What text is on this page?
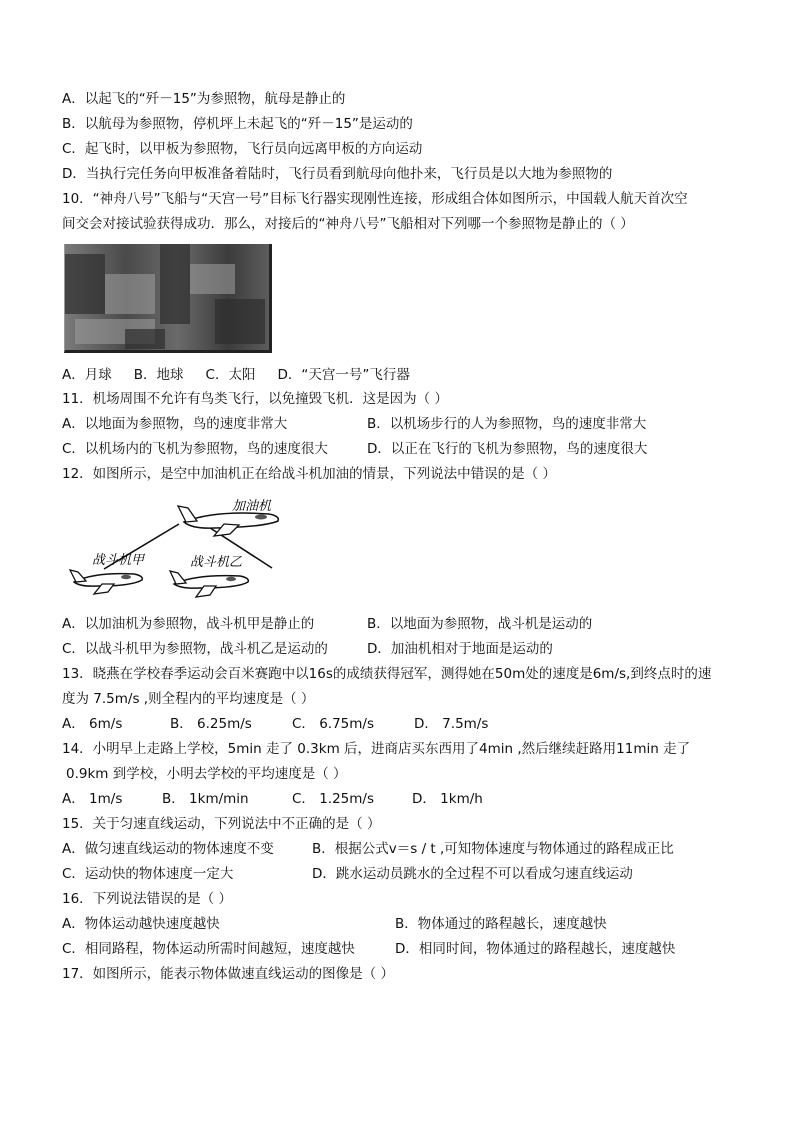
A．以起飞的“歼－15”为参照物，航母是静止的
B．以航母为参照物，停机坪上未起飞的“歼－15”是运动的
C．起飞时，以甲板为参照物，飞行员向远离甲板的方向运动
D．当执行完任务向甲板准备着陆时，飞行员看到航母向他扑来，飞行员是以大地为参照物的
10．“神舟八号”飞船与“天宫一号”目标飞行器实现刚性连接，形成组合体如图所示，中国载人航天首次空
间交会对接试验获得成功．那么，对接后的“神舟八号”飞船相对下列哪一个参照物是静止的（ ）
A．月球 B．地球 C．太阳 D．“天宫一号”飞行器
11．机场周围不允许有鸟类飞行，以免撞毁飞机．这是因为（ ）
A．以地面为参照物，鸟的速度非常大	B．以机场步行的人为参照物，鸟的速度非常大
C．以机场内的飞机为参照物，鸟的速度很大	D．以正在飞行的飞机为参照物，鸟的速度很大
12．如图所示，是空中加油机正在给战斗机加油的情景，下列说法中错误的是（ ）
加油机
战斗机甲	战斗机乙
A．以加油机为参照物，战斗机甲是静止的	B．以地面为参照物，战斗机是运动的
C．以战斗机甲为参照物，战斗机乙是运动的	D．加油机相对于地面是运动的
13．晓燕在学校春季运动会百米赛跑中以16s的成绩获得冠军，测得她在50m处的速度是6m/s,到终点时的速
度为 7.5m/s ,则全程内的平均速度是（ ）
A． 6m/s	B． 6.25m/s	C． 6.75m/s	D． 7.5m/s
14．小明早上走路上学校，5min 走了 0.3km 后，进商店买东西用了4min ,然后继续赶路用11min 走了
0.9km 到学校，小明去学校的平均速度是（ ）
A． 1m/s	B． 1km/min	C． 1.25m/s	D． 1km/h
15．关于匀速直线运动，下列说法中不正确的是（ ）
A．做匀速直线运动的物体速度不变	B．根据公式v＝s / t ,可知物体速度与物体通过的路程成正比
C．运动快的物体速度一定大	D．跳水运动员跳水的全过程不可以看成匀速直线运动
16．下列说法错误的是（ ）
A．物体运动越快速度越快	B．物体通过的路程越长，速度越快
C．相同路程，物体运动所需时间越短，速度越快	D．相同时间，物体通过的路程越长，速度越快
17．如图所示，能表示物体做速直线运动的图像是（ ）
